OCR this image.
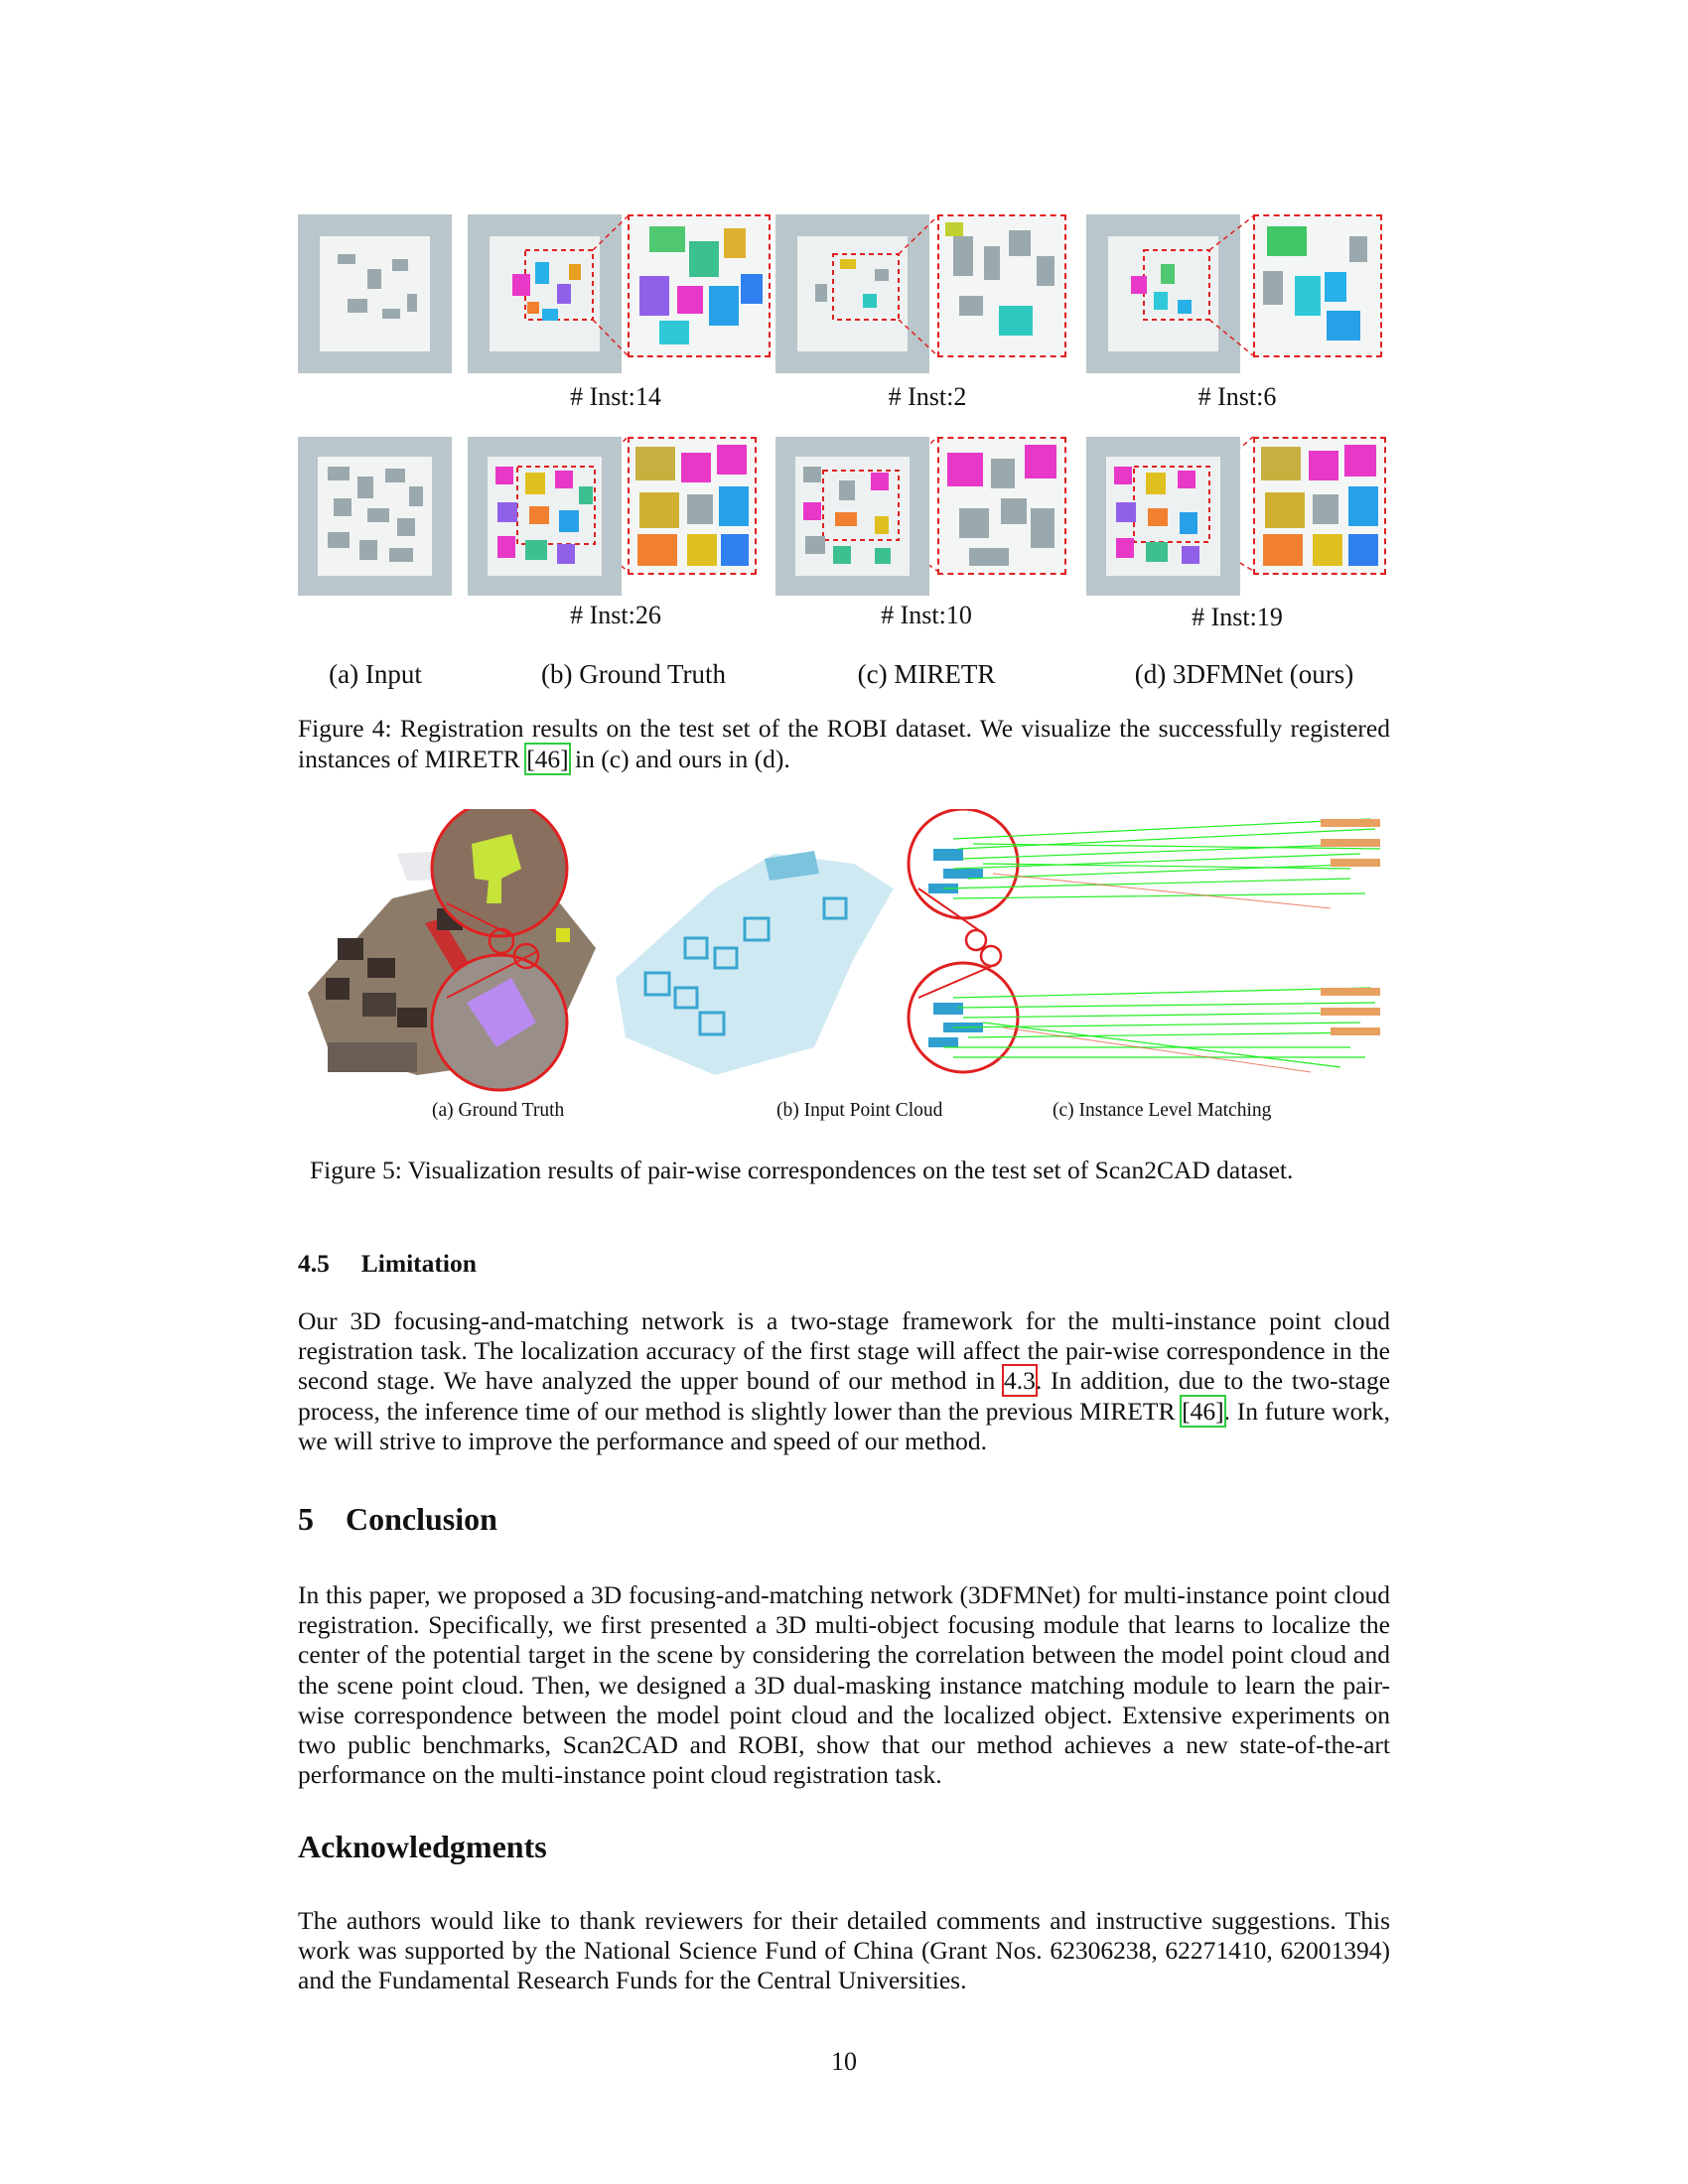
# Inst:14	# Inst:2	# Inst:6
# Inst:26	# Inst:10	# Inst:19
(a) Input	(b) Ground Truth	(c) MIRETR	(d) 3DFMNet (ours)
Figure 4: Registration results on the test set of the ROBI dataset. We visualize the successfully registered instances of MIRETR [46] in (c) and ours in (d).
(a) Ground Truth	(b) Input Point Cloud	(c) Instance Level Matching
Figure 5: Visualization results of pair-wise correspondences on the test set of Scan2CAD dataset.
4.5 Limitation
Our 3D focusing-and-matching network is a two-stage framework for the multi-instance point cloud registration task. The localization accuracy of the first stage will affect the pair-wise correspondence in the second stage. We have analyzed the upper bound of our method in 4.3. In addition, due to the two-stage process, the inference time of our method is slightly lower than the previous MIRETR [46]. In future work, we will strive to improve the performance and speed of our method.
5 Conclusion
In this paper, we proposed a 3D focusing-and-matching network (3DFMNet) for multi-instance point cloud registration. Specifically, we first presented a 3D multi-object focusing module that learns to localize the center of the potential target in the scene by considering the correlation between the model point cloud and the scene point cloud. Then, we designed a 3D dual-masking instance matching module to learn the pair-wise correspondence between the model point cloud and the localized object. Extensive experiments on two public benchmarks, Scan2CAD and ROBI, show that our method achieves a new state-of-the-art performance on the multi-instance point cloud registration task.
Acknowledgments
The authors would like to thank reviewers for their detailed comments and instructive suggestions. This work was supported by the National Science Fund of China (Grant Nos. 62306238, 62271410, 62001394) and the Fundamental Research Funds for the Central Universities.
10
